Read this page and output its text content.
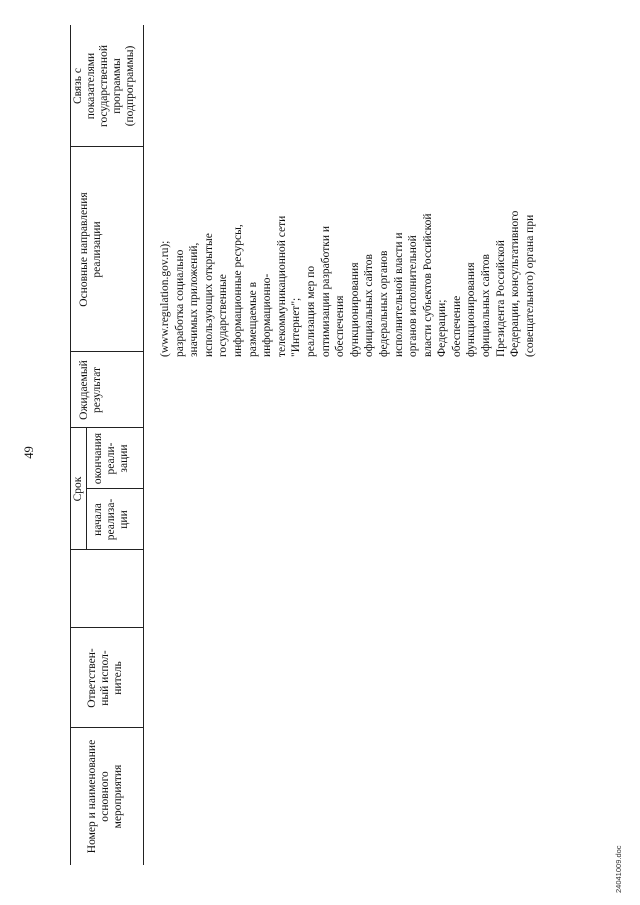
49
Номер и наименование основного мероприятия
Ответствен- ный испол- нитель
Срок
начала реализа- ции
окончания реали- зации
Ожидаемый результат
Основные направления реализации
Связь с показателями государственной программы (подпрограммы)
(www.regulation.gov.ru); разработка социально значимых приложений, использующих открытые государственные информационные ресурсы, размещаемые в информационно- телекоммуникационной сети "Интернет"; реализация мер по оптимизации разработки и обеспечения функционирования официальных сайтов федеральных органов исполнительной власти и органов исполнительной власти субъектов Российской Федерации; обеспечение функционирования официальных сайтов Президента Российской Федерации, консультативного (совещательного) органа при
24041009.doc
